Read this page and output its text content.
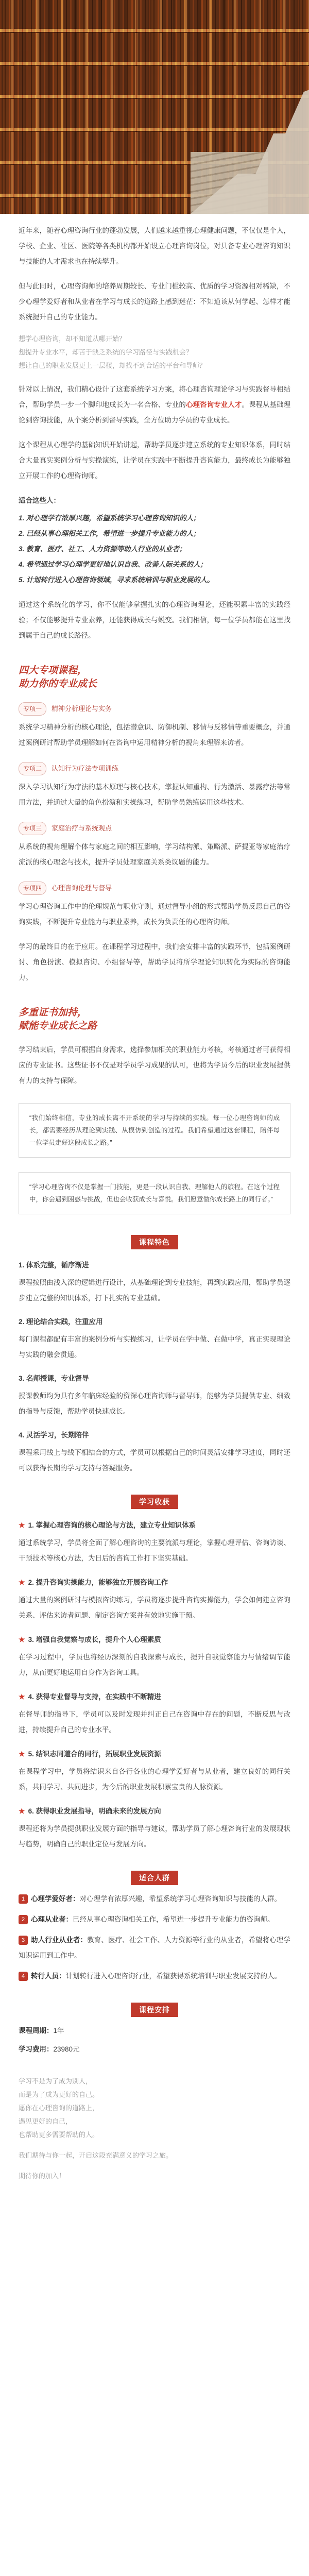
近年来，随着心理咨询行业的蓬勃发展，人们越来越重视心理健康问题，不仅仅是个人，学校、企业、社区、医院等各类机构都开始设立心理咨询岗位，对具备专业心理咨询知识与技能的人才需求也在持续攀升。

但与此同时，心理咨询师的培养周期较长、专业门槛较高、优质的学习资源相对稀缺，不少心理学爱好者和从业者在学习与成长的道路上感到迷茫：不知道该从何学起、怎样才能系统提升自己的专业能力。

想学心理咨询，却不知道从哪开始？

想提升专业水平，却苦于缺乏系统的学习路径与实践机会？

想让自己的职业发展更上一层楼，却找不到合适的平台和导师？

针对以上情况，我们精心设计了这套系统学习方案，将心理咨询理论学习与实践督导相结合，帮助学员一步一个脚印地成长为一名合格、专业的心理咨询专业人才。课程从基础理论到咨询技能，从个案分析到督导实践，全方位助力学员的专业成长。

这个课程从心理学的基础知识开始讲起，帮助学员逐步建立系统的专业知识体系，同时结合大量真实案例分析与实操演练，让学员在实践中不断提升咨询能力，最终成长为能够独立开展工作的心理咨询师。

适合这些人：

1. 对心理学有浓厚兴趣，希望系统学习心理咨询知识的人；

2. 已经从事心理相关工作，希望进一步提升专业能力的人；

3. 教育、医疗、社工、人力资源等助人行业的从业者；

4. 希望通过学习心理学更好地认识自我、改善人际关系的人；

5. 计划转行进入心理咨询领域，寻求系统培训与职业发展的人。

通过这个系统化的学习，你不仅能够掌握扎实的心理咨询理论，还能积累丰富的实践经验；不仅能够提升专业素养，还能获得成长与蜕变。我们相信，每一位学员都能在这里找到属于自己的成长路径。

四大专项课程，

助力你的专业成长

专项一 精神分析理论与实务

系统学习精神分析的核心理论，包括潜意识、防御机制、移情与反移情等重要概念，并通过案例研讨帮助学员理解如何在咨询中运用精神分析的视角来理解来访者。

专项二 认知行为疗法专项训练

深入学习认知行为疗法的基本原理与核心技术，掌握认知重构、行为激活、暴露疗法等常用方法，并通过大量的角色扮演和实操练习，帮助学员熟练运用这些技术。

专项三 家庭治疗与系统观点

从系统的视角理解个体与家庭之间的相互影响，学习结构派、策略派、萨提亚等家庭治疗流派的核心理念与技术，提升学员处理家庭关系类议题的能力。

专项四 心理咨询伦理与督导

学习心理咨询工作中的伦理规范与职业守则，通过督导小组的形式帮助学员反思自己的咨询实践，不断提升专业能力与职业素养，成长为负责任的心理咨询师。

学习的最终目的在于应用。在课程学习过程中，我们会安排丰富的实践环节，包括案例研讨、角色扮演、模拟咨询、小组督导等，帮助学员将所学理论知识转化为实际的咨询能力。

多重证书加持，

赋能专业成长之路

学习结束后，学员可根据自身需求，选择参加相关的职业能力考核，考核通过者可获得相应的专业证书。这些证书不仅是对学员学习成果的认可，也将为学员今后的职业发展提供有力的支持与保障。

“我们始终相信，专业的成长离不开系统的学习与持续的实践。每一位心理咨询师的成长，都需要经历从理论到实践、从模仿到创造的过程。我们希望通过这套课程，陪伴每一位学员走好这段成长之路。”
“学习心理咨询不仅是掌握一门技能，更是一段认识自我、理解他人的旅程。在这个过程中，你会遇到困惑与挑战，但也会收获成长与喜悦。我们愿意做你成长路上的同行者。”
课程特色

1. 体系完整，循序渐进

课程按照由浅入深的逻辑进行设计，从基础理论到专业技能，再到实践应用，帮助学员逐步建立完整的知识体系，打下扎实的专业基础。

2. 理论结合实践，注重应用

每门课程都配有丰富的案例分析与实操练习，让学员在学中做、在做中学，真正实现理论与实践的融会贯通。

3. 名师授课，专业督导

授课教师均为具有多年临床经验的资深心理咨询师与督导师，能够为学员提供专业、细致的指导与反馈，帮助学员快速成长。

4. 灵活学习，长期陪伴

课程采用线上与线下相结合的方式，学员可以根据自己的时间灵活安排学习进度，同时还可以获得长期的学习支持与答疑服务。

学习收获

★ 1. 掌握心理咨询的核心理论与方法，建立专业知识体系

通过系统学习，学员将全面了解心理咨询的主要流派与理论，掌握心理评估、咨询访谈、干预技术等核心方法，为日后的咨询工作打下坚实基础。

★ 2. 提升咨询实操能力，能够独立开展咨询工作

通过大量的案例研讨与模拟咨询练习，学员将逐步提升咨询实操能力，学会如何建立咨询关系、评估来访者问题、制定咨询方案并有效地实施干预。

★ 3. 增强自我觉察与成长，提升个人心理素质

在学习过程中，学员也将经历深刻的自我探索与成长，提升自我觉察能力与情绪调节能力，从而更好地运用自身作为咨询工具。

★ 4. 获得专业督导与支持，在实践中不断精进

在督导师的指导下，学员可以及时发现并纠正自己在咨询中存在的问题，不断反思与改进，持续提升自己的专业水平。

★ 5. 结识志同道合的同行，拓展职业发展资源

在课程学习中，学员将结识来自各行各业的心理学爱好者与从业者，建立良好的同行关系，共同学习、共同进步，为今后的职业发展积累宝贵的人脉资源。

★ 6. 获得职业发展指导，明确未来的发展方向

课程还将为学员提供职业发展方面的指导与建议，帮助学员了解心理咨询行业的发展现状与趋势，明确自己的职业定位与发展方向。

适合人群

1 心理学爱好者：对心理学有浓厚兴趣，希望系统学习心理咨询知识与技能的人群。

2 心理从业者：已经从事心理咨询相关工作，希望进一步提升专业能力的咨询师。

3 助人行业从业者：教育、医疗、社会工作、人力资源等行业的从业者，希望将心理学知识运用到工作中。

4 转行人员：计划转行进入心理咨询行业，希望获得系统培训与职业发展支持的人。

课程安排

课程周期：1年

学习费用：23980元

学习不是为了成为别人，

而是为了成为更好的自己。

愿你在心理咨询的道路上，

遇见更好的自己，

也帮助更多需要帮助的人。

我们期待与你一起，开启这段充满意义的学习之旅。

期待你的加入！
